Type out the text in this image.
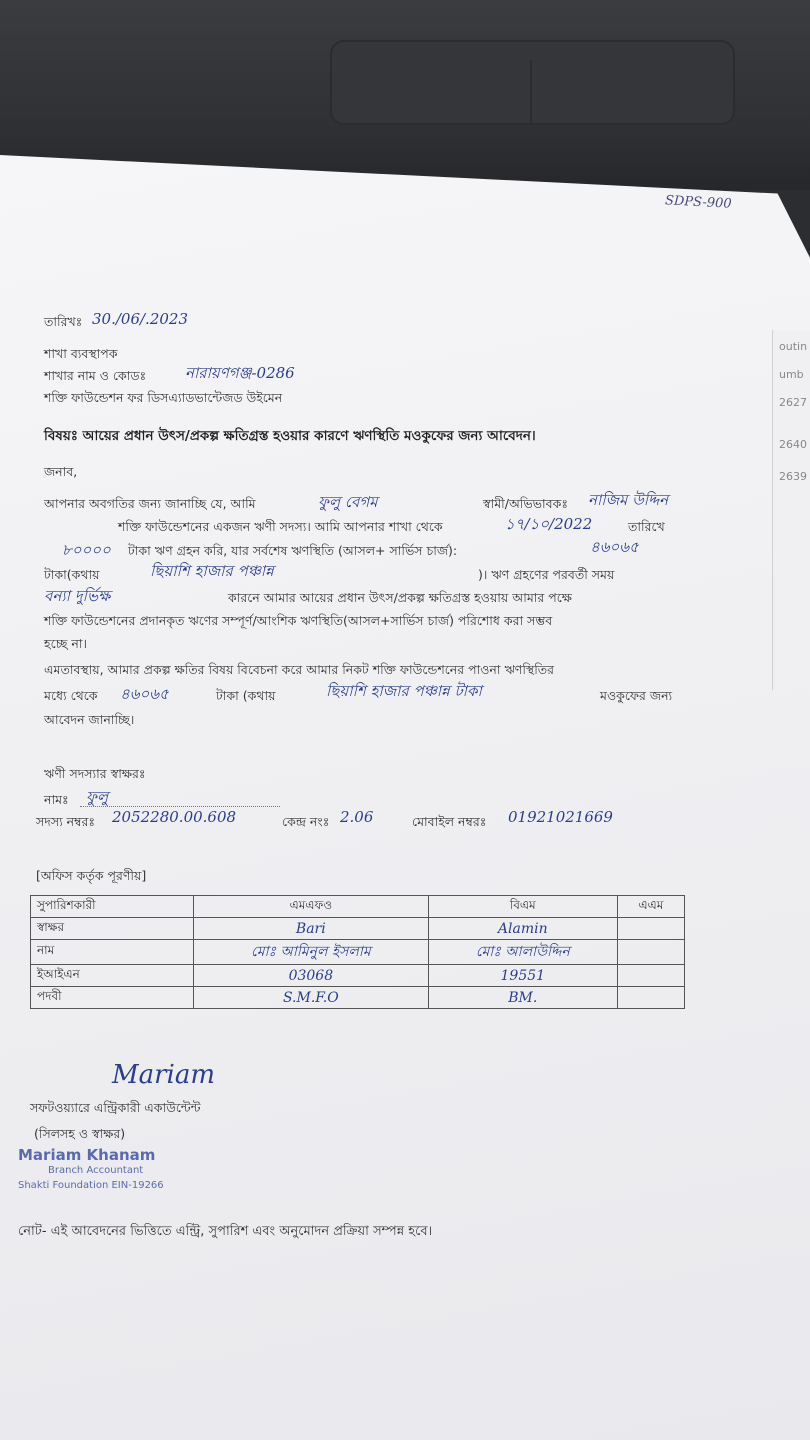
outin
umb
2627
2640
2639
SDPS-900
তারিখঃ 30./06/.2023
শাখা ব্যবস্থাপক
শাখার নাম ও কোডঃ	নারায়ণগঞ্জ-0286
শক্তি ফাউন্ডেশন ফর ডিসএ্যাডভান্টেজড উইমেন
বিষয়ঃ আয়ের প্রধান উৎস/প্রকল্প ক্ষতিগ্রস্ত হওয়ার কারণে ঋণস্থিতি মওকুফের জন্য আবেদন।
জনাব,
আপনার অবগতির জন্য জানাচ্ছি যে, আমি	ফুলু বেগম	স্বামী/অভিভাবকঃ নাজিম উদ্দিন
শক্তি ফাউন্ডেশনের একজন ঋণী সদস্য। আমি আপনার শাখা থেকে	১৭/১০/2022	তারিখে
৮০০০০ টাকা ঋণ গ্রহন করি, যার সর্বশেষ ঋণস্থিতি (আসল+ সার্ভিস চার্জ):	৪৬০৬৫
টাকা(কথায়	ছিয়াশি হাজার পঞ্চান্ন	)। ঋণ গ্রহণের পরবর্তী সময়
বন্যা দুর্ভিক্ষ	কারনে আমার আয়ের প্রধান উৎস/প্রকল্প ক্ষতিগ্রস্ত হওয়ায় আমার পক্ষে
শক্তি ফাউন্ডেশনের প্রদানকৃত ঋণের সম্পূর্ণ/আংশিক ঋণস্থিতি(আসল+সার্ভিস চার্জ) পরিশোধ করা সম্ভব
হচ্ছে না।
এমতাবস্থায়, আমার প্রকল্প ক্ষতির বিষয় বিবেচনা করে আমার নিকট শক্তি ফাউন্ডেশনের পাওনা ঋণস্থিতির
মধ্যে থেকে ৪৬০৬৫	টাকা (কথায়	ছিয়াশি হাজার পঞ্চান্ন টাকা	মওকুফের জন্য
আবেদন জানাচ্ছি।
ঋণী সদস্যার স্বাক্ষরঃ
নামঃ ফুলু
সদস্য নম্বরঃ 2052280.00.608	কেন্দ্র নংঃ 2.06	মোবাইল নম্বরঃ 01921021669
[অফিস কর্তৃক পূরণীয়]
সুপারিশকারী	এমএফও	বিএম	এএম
স্বাক্ষর	Bari	Alamin	
নাম	মোঃ আমিনুল ইসলাম	মোঃ আলাউদ্দিন	
ইআইএন	03068	19551	
পদবী	S.M.F.O	BM.	
Mariam
সফটওয়্যারে এন্ট্রিকারী একাউন্টেন্ট
(সিলসহ ও স্বাক্ষর)
Mariam Khanam
Branch Accountant
Shakti Foundation EIN-19266
নোট- এই আবেদনের ভিত্তিতে এন্ট্রি, সুপারিশ এবং অনুমোদন প্রক্রিয়া সম্পন্ন হবে।
